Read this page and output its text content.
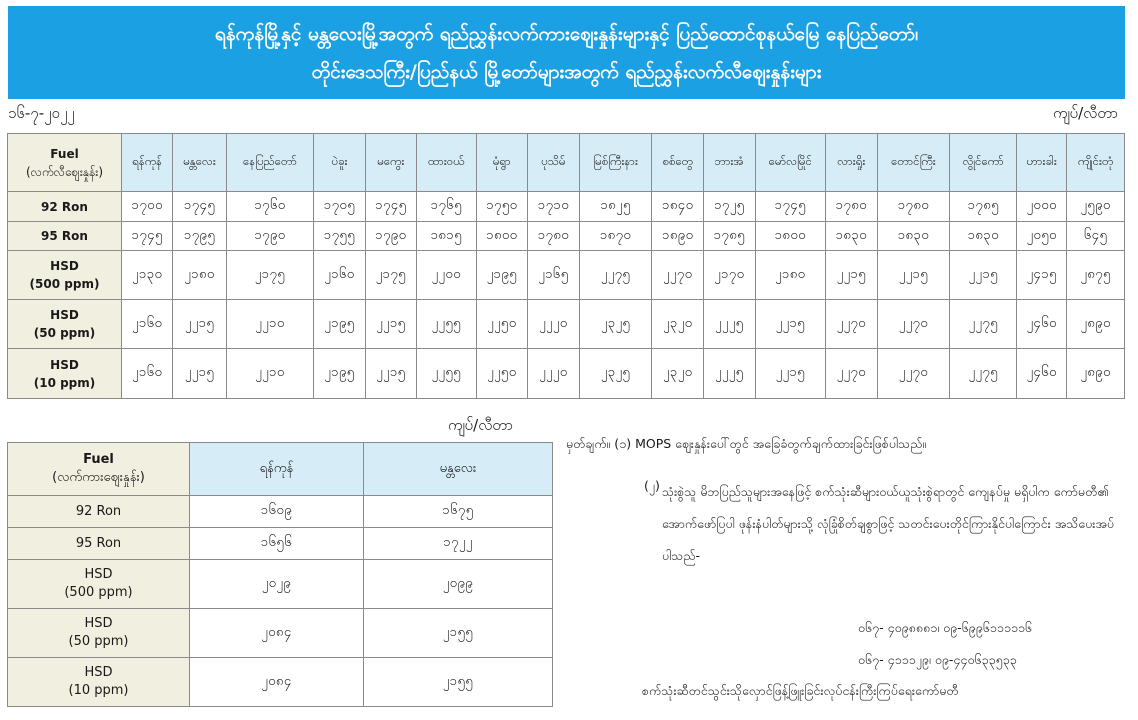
ရန်ကုန်မြို့နှင့် မန္တလေးမြို့အတွက် ရည်ညွှန်းလက်ကားဈေးနှုန်းများနှင့် ပြည်ထောင်စုနယ်မြေ နေပြည်တော်၊
တိုင်းဒေသကြီး/ပြည်နယ် မြို့တော်များအတွက် ရည်ညွှန်းလက်လီဈေးနှုန်းများ
၁၆-၇-၂၀၂၂	ကျပ်/လီတာ
Fuel
(လက်လီဈေးနှုန်း)	ရန်ကုန်	မန္တလေး	နေပြည်တော်	ပဲခူး	မကွေး	ထားဝယ်	မုံရွာ	ပုသိမ်	မြစ်ကြီးနား	စစ်တွေ	ဘားအံ	မော်လမြိုင်	လားရှိုး	တောင်ကြီး	လွိုင်ကော်	ဟားခါး	ကျိုင်းတုံ

92 Ron	၁၇၀၀	၁၇၄၅	၁၇၆၀	၁၇၀၅	၁၇၄၅	၁၇၆၅	၁၇၅၀	၁၇၁၀	၁၈၂၅	၁၈၄၀	၁၇၂၅	၁၇၄၅	၁၇၈၀	၁၇၈၀	၁၇၈၅	၂၀၀၀	၂၅၉၀

95 Ron	၁၇၄၅	၁၇၉၅	၁၇၉၀	၁၇၅၅	၁၇၉၀	၁၈၁၅	၁၈၀၀	၁၇၈၀	၁၈၇၀	၁၈၉၀	၁၇၈၅	၁၈၀၀	၁၈၃၀	၁၈၃၀	၁၈၃၀	၂၀၅၀	၆၄၅

HSD
(500 ppm)	၂၁၃၀	၂၁၈၀	၂၁၇၅	၂၁၆၀	၂၁၇၅	၂၂၀၀	၂၁၉၅	၂၁၆၅	၂၂၇၅	၂၂၇၀	၂၁၇၀	၂၁၈၀	၂၂၁၅	၂၂၁၅	၂၂၁၅	၂၄၁၅	၂၈၇၅

HSD
(50 ppm)	၂၁၆၀	၂၂၁၅	၂၂၁၀	၂၁၉၅	၂၂၁၅	၂၂၅၅	၂၂၅၀	၂၂၂၀	၂၃၂၅	၂၃၂၀	၂၂၂၅	၂၂၁၅	၂၂၇၀	၂၂၇၀	၂၂၇၅	၂၄၆၀	၂၈၉၀

HSD
(10 ppm)	၂၁၆၀	၂၂၁၅	၂၂၁၀	၂၁၉၅	၂၂၁၅	၂၂၅၅	၂၂၅၀	၂၂၂၀	၂၃၂၅	၂၃၂၀	၂၂၂၅	၂၂၁၅	၂၂၇၀	၂၂၇၀	၂၂၇၅	၂၄၆၀	၂၈၉၀
ကျပ်/လီတာ
Fuel
(လက်ကားဈေးနှုန်း)	ရန်ကုန်	မန္တလေး

92 Ron	၁၆၀၉	၁၆၇၅

95 Ron	၁၆၅၆	၁၇၂၂

HSD
(500 ppm)	၂၀၂၉	၂၀၉၉

HSD
(50 ppm)	၂၀၈၄	၂၁၅၅

HSD
(10 ppm)	၂၀၈၄	၂၁၅၅
မှတ်ချက်။ (၁) MOPS ဈေးနှုန်းပေါ်တွင် အခြေခံတွက်ချက်ထားခြင်းဖြစ်ပါသည်။
(၂) သုံးစွဲသူ မိဘပြည်သူများအနေဖြင့် စက်သုံးဆီများဝယ်ယူသုံးစွဲရာတွင် ကျေနပ်မှု မရှိပါက ကော်မတီ၏ အောက်ဖော်ပြပါ ဖုန်းနံပါတ်များသို့ လုံခြုံစိတ်ချစွာဖြင့် သတင်းပေးတိုင်ကြားနိုင်ပါကြောင်း အသိပေးအပ်ပါသည်-
၀၆၇- ၄၀၉၈၈၈၁၊ ၀၉-၆၉၉၆၁၁၁၁၁၆
၀၆၇- ၄၁၁၁၂၉၊ ၀၉-၄၄၀၆၃၃၅၃၃
စက်သုံးဆီတင်သွင်းသိုလှောင်ဖြန့်ဖြူးခြင်းလုပ်ငန်းကြီးကြပ်ရေးကော်မတီ
